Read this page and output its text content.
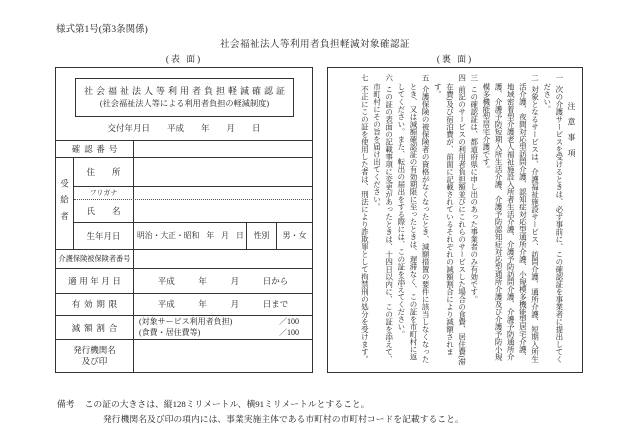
様式第1号(第3条関係)
社会福祉法人等利用者負担軽減対象確認証
(表 面)	(裏 面)
社会福祉法人等利用者負担軽減確認証
(社会福祉法人等による利用者負担の軽減制度)
交付年月日 平成 年 月 日
確認番号
受給者
住所
フリガナ
氏名
生年月日	明治・大正・昭和 年 月 日	性別	男・女
介護保険被保険者番号
適用年月日	平成	年	月	日から
有効期限	平成	年	月	日まで
減額割合
(対象サービス利用者負担)	／100
(食費・居住費等)	／100
発行機関名
及び印
注意事項

一次の介護サービスを受けるときは、必ず事前に、この確認証を事業者に提出してください。

二対象となるサービスは、介護福祉施設サービス、訪問介護、通所介護、短期入所生活介護、夜間対応型訪問介護、認知症対応型通所介護、小規模多機能型居宅介護、地域密着型介護老人福祉施設入所者生活介護、介護予防訪問介護、介護予防通所介護、介護予防短期入所生活介護、介護予防認知症対応型通所介護及び介護予防小規模多機能型居宅介護です。

三この確認証は、都道府県に申し出のあった事業者のみ有効です。

四前記のサービスの利用者負担額並びにこれらのサービスした場合の食費、居住費(滞在費)及び宿泊費が、前面に記載されているそれぞれの減額割合により減額されます。

五介護保険の被保険者の資格がなくなったとき、減額措置の要件に該当しなくなったとき、又は減額確認証の有効期限に至ったときは、遅滞なく、この証を市町村に返してください。また、転出の届出をする際には、この証を添えてください。

六この証の表面の記載事項に変更があったときは、十四日以内に、この証を添えて、市町村にその旨を届け出てください。

七不正にこの証を使用した者は、刑法により詐欺罪として拘禁刑の処分を受けます。

備考 この証の大きさは、縦128ミリメートル、横91ミリメートルとすること。
発行機関名及び印の項内には、事業実施主体である市町村の市町村コードを記載すること。
